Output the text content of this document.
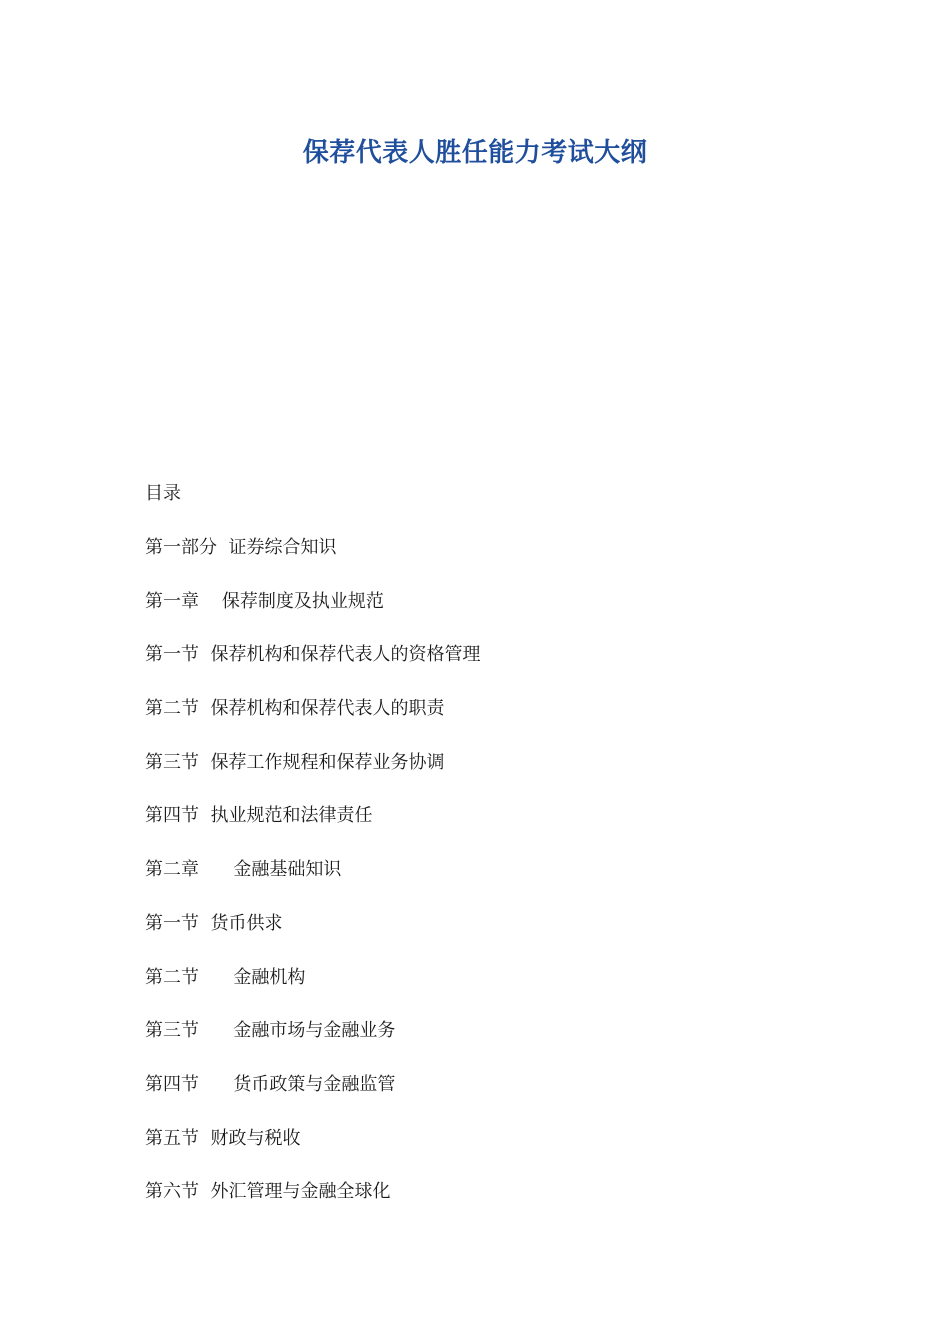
保荐代表人胜任能力考试大纲
目录
第一部分 证券综合知识
第一章 保荐制度及执业规范
第一节 保荐机构和保荐代表人的资格管理
第二节 保荐机构和保荐代表人的职责
第三节 保荐工作规程和保荐业务协调
第四节 执业规范和法律责任
第二章 金融基础知识
第一节 货币供求
第二节 金融机构
第三节 金融市场与金融业务
第四节 货币政策与金融监管
第五节 财政与税收
第六节 外汇管理与金融全球化
